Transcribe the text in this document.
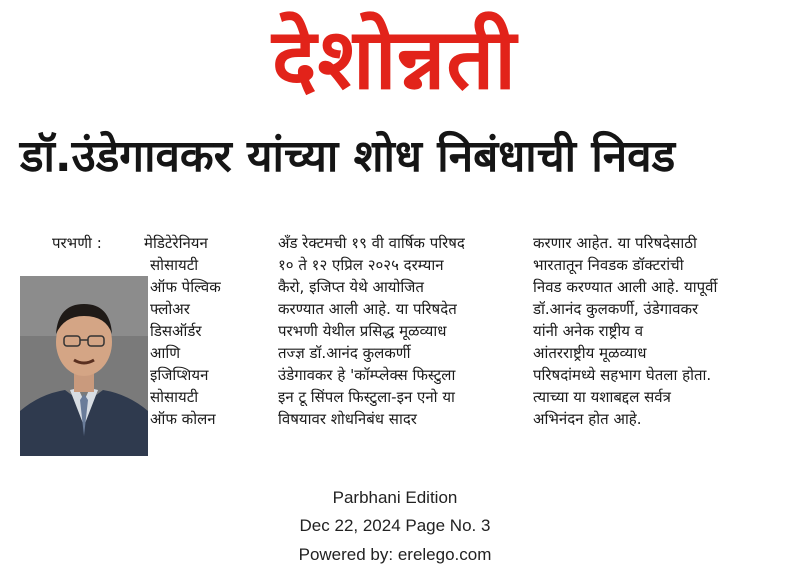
देशोन्नती
डॉ.उंडेगावकर यांच्या शोध निबंधाची निवड
परभणी :	मेडिटेरेनियन
सोसायटी
ऑफ पेल्विक
फ्लोअर
डिसऑर्डर
आणि
इजिप्शियन
सोसायटी
ऑफ कोलन
अँड रेक्टमची १९ वी वार्षिक परिषद
१० ते १२ एप्रिल २०२५ दरम्यान
कैरो, इजिप्त येथे आयोजित
करण्यात आली आहे. या परिषदेत
परभणी येथील प्रसिद्ध मूळव्याध
तज्ज्ञ डॉ.आनंद कुलकर्णी
उंडेगावकर हे 'कॉम्प्लेक्स फिस्टुला
इन टू सिंपल फिस्टुला-इन एनो या
विषयावर शोधनिबंध सादर
करणार आहेत. या परिषदेसाठी
भारतातून निवडक डॉक्टरांची
निवड करण्यात आली आहे. यापूर्वी
डॉ.आनंद कुलकर्णी, उंडेगावकर
यांनी अनेक राष्ट्रीय व
आंतरराष्ट्रीय मूळव्याध
परिषदांमध्ये सहभाग घेतला होता.
त्याच्या या यशाबद्दल सर्वत्र
अभिनंदन होत आहे.
Parbhani Edition
Dec 22, 2024 Page No. 3
Powered by: erelego.com
